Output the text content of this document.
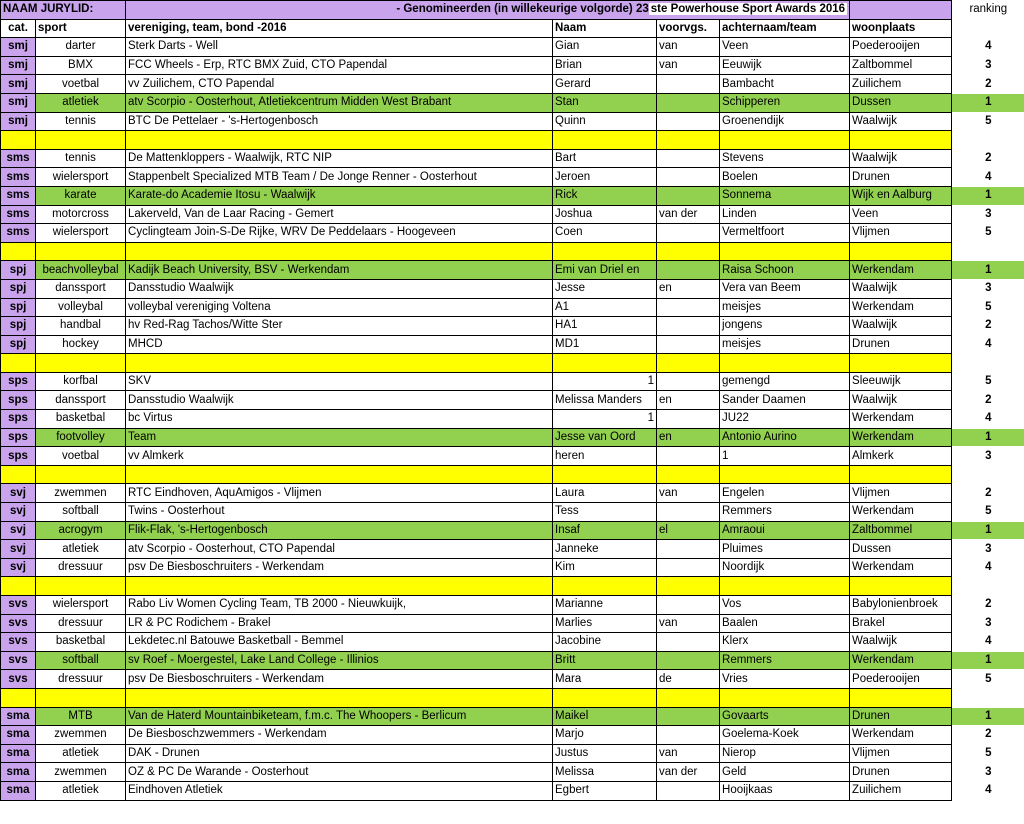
NAAM JURYLID:		- Genomineerden (in willekeurige volgorde) 23 ste Powerhouse Sport Awards 2016					ranking
cat.	sport	vereniging, team, bond -2016	Naam	voorvgs.	achternaam/team	woonplaats	
smj	darter	Sterk Darts - Well	Gian	van	Veen	Poederooijen	4
smj	BMX	FCC Wheels - Erp, RTC BMX Zuid, CTO Papendal	Brian	van	Eeuwijk	Zaltbommel	3
smj	voetbal	vv Zuilichem, CTO Papendal	Gerard		Bambacht	Zuilichem	2
smj	atletiek	atv Scorpio - Oosterhout, Atletiekcentrum Midden West Brabant	Stan		Schipperen	Dussen	1
smj	tennis	BTC De Pettelaer - 's-Hertogenbosch	Quinn		Groenendijk	Waalwijk	5

sms	tennis	De Mattenkloppers - Waalwijk, RTC NIP	Bart		Stevens	Waalwijk	2
sms	wielersport	Stappenbelt Specialized MTB Team / De Jonge Renner - Oosterhout	Jeroen		Boelen	Drunen	4
sms	karate	Karate-do Academie Itosu - Waalwijk	Rick		Sonnema	Wijk en Aalburg	1
sms	motorcross	Lakerveld, Van de Laar Racing - Gemert	Joshua	van der	Linden	Veen	3
sms	wielersport	Cyclingteam Join-S-De Rijke, WRV De Peddelaars - Hoogeveen	Coen		Vermeltfoort	Vlijmen	5

spj	beachvolleybal	Kadijk Beach University, BSV - Werkendam	Emi van Driel en		Raisa Schoon	Werkendam	1
spj	danssport	Dansstudio Waalwijk	Jesse	en	Vera van Beem	Waalwijk	3
spj	volleybal	volleybal vereniging Voltena	A1		meisjes	Werkendam	5
spj	handbal	hv Red-Rag Tachos/Witte Ster	HA1		jongens	Waalwijk	2
spj	hockey	MHCD	MD1		meisjes	Drunen	4

sps	korfbal	SKV	1		gemengd	Sleeuwijk	5
sps	danssport	Dansstudio Waalwijk	Melissa Manders	en	Sander Daamen	Waalwijk	2
sps	basketbal	bc Virtus	1		JU22	Werkendam	4
sps	footvolley	Team	Jesse van Oord	en	Antonio Aurino	Werkendam	1
sps	voetbal	vv Almkerk	heren		1	Almkerk	3

svj	zwemmen	RTC Eindhoven, AquAmigos - Vlijmen	Laura	van	Engelen	Vlijmen	2
svj	softball	Twins - Oosterhout	Tess		Remmers	Werkendam	5
svj	acrogym	Flik-Flak, 's-Hertogenbosch	Insaf	el	Amraoui	Zaltbommel	1
svj	atletiek	atv Scorpio - Oosterhout, CTO Papendal	Janneke		Pluimes	Dussen	3
svj	dressuur	psv De Biesboschruiters - Werkendam	Kim		Noordijk	Werkendam	4

svs	wielersport	Rabo Liv Women Cycling Team, TB 2000 - Nieuwkuijk,	Marianne		Vos	Babylonienbroek	2
svs	dressuur	LR & PC Rodichem - Brakel	Marlies	van	Baalen	Brakel	3
svs	basketbal	Lekdetec.nl Batouwe Basketball - Bemmel	Jacobine		Klerx	Waalwijk	4
svs	softball	sv Roef - Moergestel, Lake Land College - Illinios	Britt		Remmers	Werkendam	1
svs	dressuur	psv De Biesboschruiters - Werkendam	Mara	de	Vries	Poederooijen	5

sma	MTB	Van de Haterd Mountainbiketeam, f.m.c. The Whoopers - Berlicum	Maikel		Govaarts	Drunen	1
sma	zwemmen	De Biesboschzwemmers - Werkendam	Marjo		Goelema-Koek	Werkendam	2
sma	atletiek	DAK - Drunen	Justus	van	Nierop	Vlijmen	5
sma	zwemmen	OZ & PC De Warande - Oosterhout	Melissa	van der	Geld	Drunen	3
sma	atletiek	Eindhoven Atletiek	Egbert		Hooijkaas	Zuilichem	4
